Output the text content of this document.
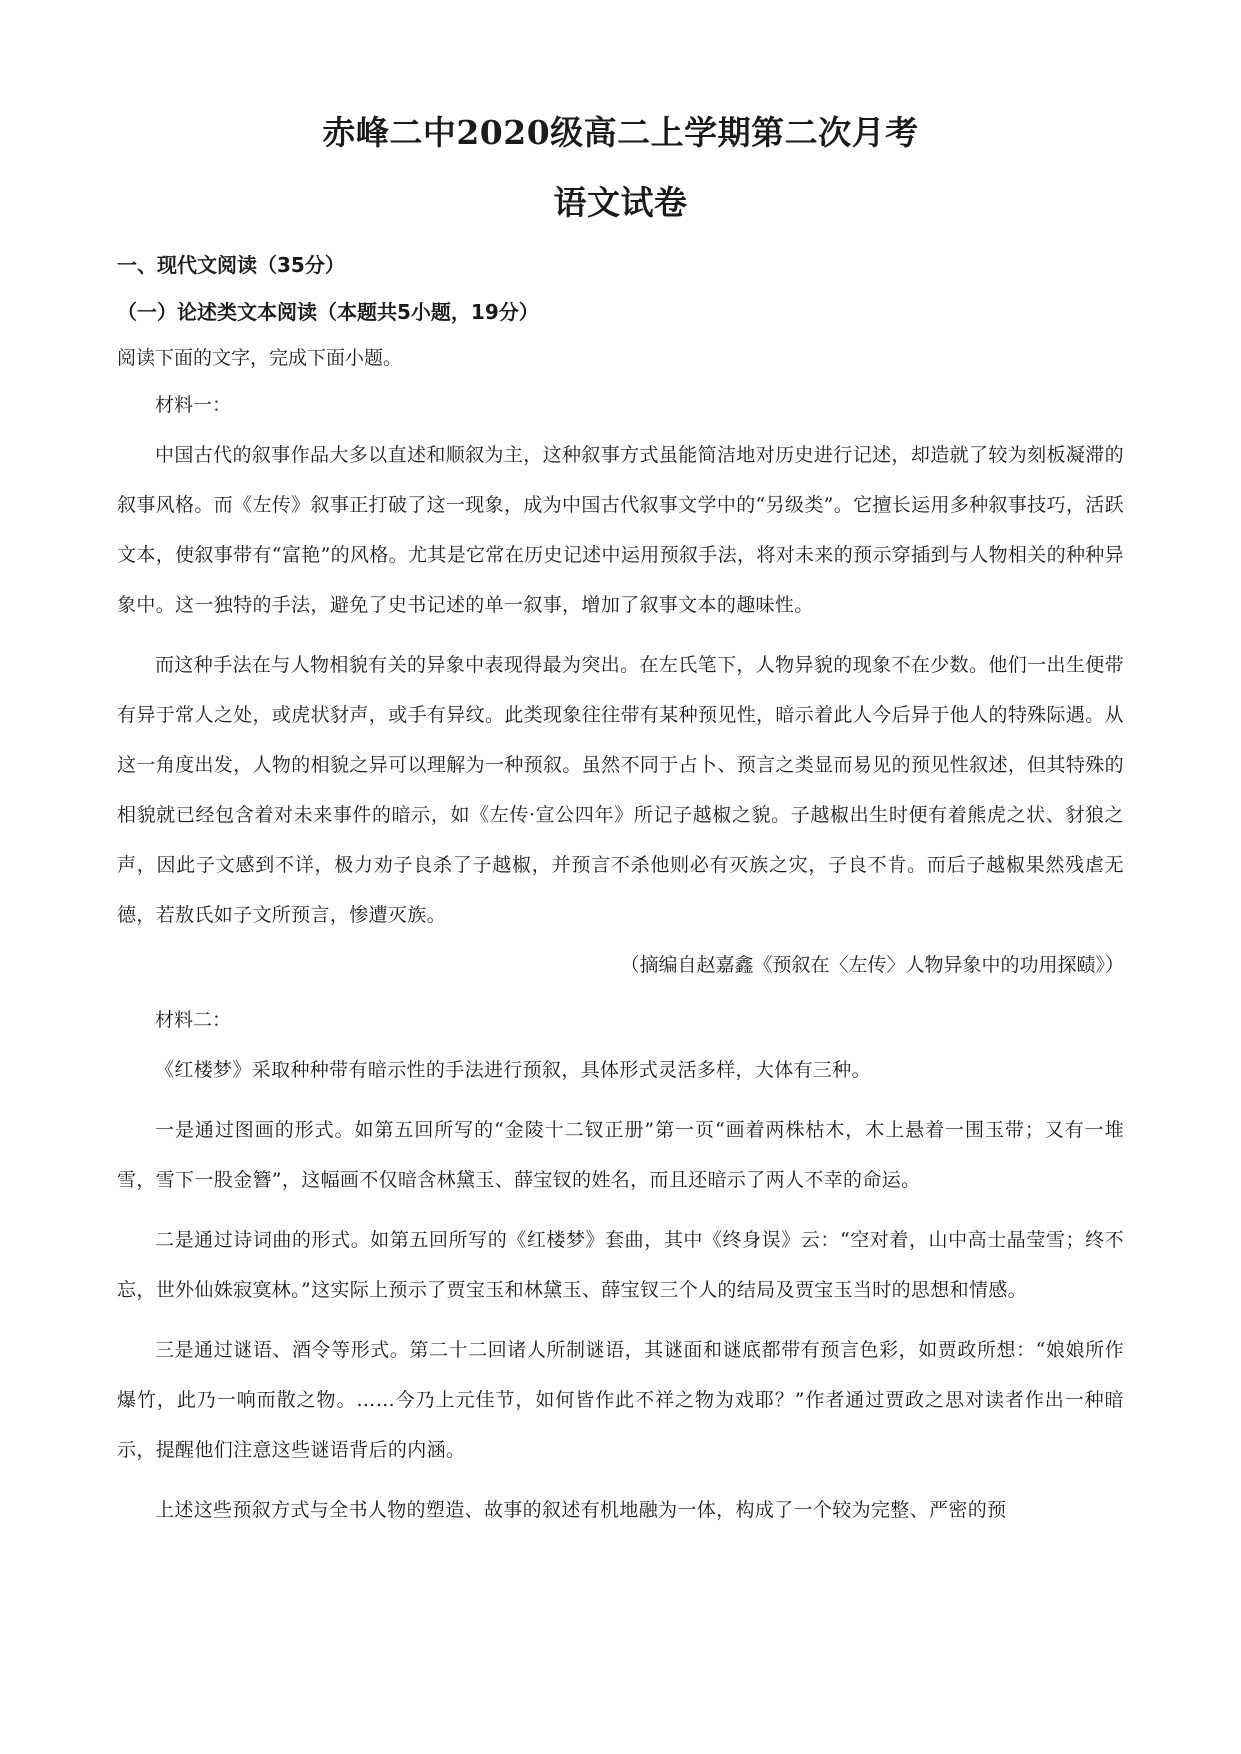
赤峰二中2020级高二上学期第二次月考
语文试卷

一、现代文阅读（35分）

（一）论述类文本阅读（本题共5小题，19分）

阅读下面的文字，完成下面小题。

材料一：

中国古代的叙事作品大多以直述和顺叙为主，这种叙事方式虽能简洁地对历史进行记述，却造就了较为刻板凝滞的叙事风格。而《左传》叙事正打破了这一现象，成为中国古代叙事文学中的“另级类”。它擅长运用多种叙事技巧，活跃文本，使叙事带有“富艳”的风格。尤其是它常在历史记述中运用预叙手法，将对未来的预示穿插到与人物相关的种种异象中。这一独特的手法，避免了史书记述的单一叙事，增加了叙事文本的趣味性。

而这种手法在与人物相貌有关的异象中表现得最为突出。在左氏笔下，人物异貌的现象不在少数。他们一出生便带有异于常人之处，或虎状豺声，或手有异纹。此类现象往往带有某种预见性，暗示着此人今后异于他人的特殊际遇。从这一角度出发，人物的相貌之异可以理解为一种预叙。虽然不同于占卜、预言之类显而易见的预见性叙述，但其特殊的相貌就已经包含着对未来事件的暗示，如《左传·宣公四年》所记子越椒之貌。子越椒出生时便有着熊虎之状、豺狼之声，因此子文感到不详，极力劝子良杀了子越椒，并预言不杀他则必有灭族之灾，子良不肯。而后子越椒果然残虐无德，若敖氏如子文所预言，惨遭灭族。

（摘编自赵嘉鑫《预叙在〈左传〉人物异象中的功用探赜》）

材料二：

《红楼梦》采取种种带有暗示性的手法进行预叙，具体形式灵活多样，大体有三种。

一是通过图画的形式。如第五回所写的“金陵十二钗正册”第一页“画着两株枯木，木上悬着一围玉带；又有一堆雪，雪下一股金簪”，这幅画不仅暗含林黛玉、薛宝钗的姓名，而且还暗示了两人不幸的命运。

二是通过诗词曲的形式。如第五回所写的《红楼梦》套曲，其中《终身误》云：“空对着，山中高士晶莹雪；终不忘，世外仙姝寂寞林。”这实际上预示了贾宝玉和林黛玉、薛宝钗三个人的结局及贾宝玉当时的思想和情感。

三是通过谜语、酒令等形式。第二十二回诸人所制谜语，其谜面和谜底都带有预言色彩，如贾政所想：“娘娘所作爆竹，此乃一响而散之物。……今乃上元佳节，如何皆作此不祥之物为戏耶？”作者通过贾政之思对读者作出一种暗示，提醒他们注意这些谜语背后的内涵。

上述这些预叙方式与全书人物的塑造、故事的叙述有机地融为一体，构成了一个较为完整、严密的预
